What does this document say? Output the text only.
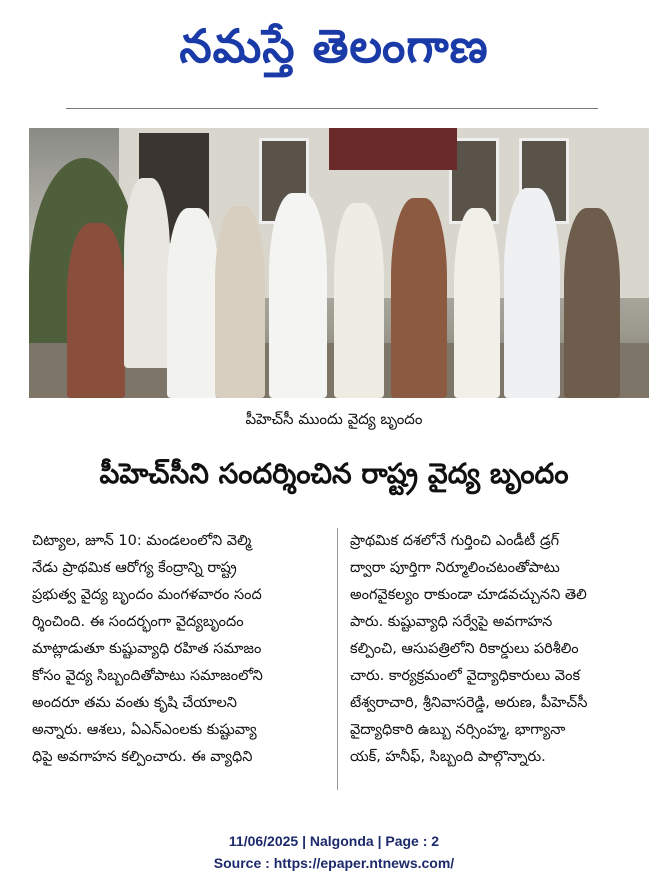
నమస్తే తెలంగాణ
పీహెచ్‌సీ ముందు వైద్య బృందం
పీహెచ్‌సీని సందర్శించిన రాష్ట్ర వైద్య బృందం
చిట్యాల, జూన్ 10: మండలంలోని వెల్మి
నేడు ప్రాథమిక ఆరోగ్య కేంద్రాన్ని రాష్ట్ర
ప్రభుత్వ వైద్య బృందం మంగళవారం సంద
ర్శించింది. ఈ సందర్భంగా వైద్యబృందం
మాట్లాడుతూ కుష్టువ్యాధి రహిత సమాజం
కోసం వైద్య సిబ్బందితోపాటు సమాజంలోని
అందరూ తమ వంతు కృషి చేయాలని
అన్నారు. ఆశలు, ఏఎన్ఎంలకు కుష్టువ్యా
ధిపై అవగాహన కల్పించారు. ఈ వ్యాధిని
ప్రాథమిక దశలోనే గుర్తించి ఎండీటీ డ్రగ్
ద్వారా పూర్తిగా నిర్మూలించటంతోపాటు
అంగవైకల్యం రాకుండా చూడవచ్చునని తెలి
పారు. కుష్టువ్యాధి సర్వేపై అవగాహన
కల్పించి, ఆసుపత్రిలోని రికార్డులు పరిశీలిం
చారు. కార్యక్రమంలో వైద్యాధికారులు వెంక
టేశ్వరాచారి, శ్రీనివాసరెడ్డి, అరుణ, పీహెచ్‌సీ
వైద్యాధికారి ఉబ్బు నర్సింహ్మ, భాగ్యానా
యక్, హనీఫ్, సిబ్బంది పాల్గొన్నారు.
11/06/2025 | Nalgonda | Page : 2
Source : https://epaper.ntnews.com/
